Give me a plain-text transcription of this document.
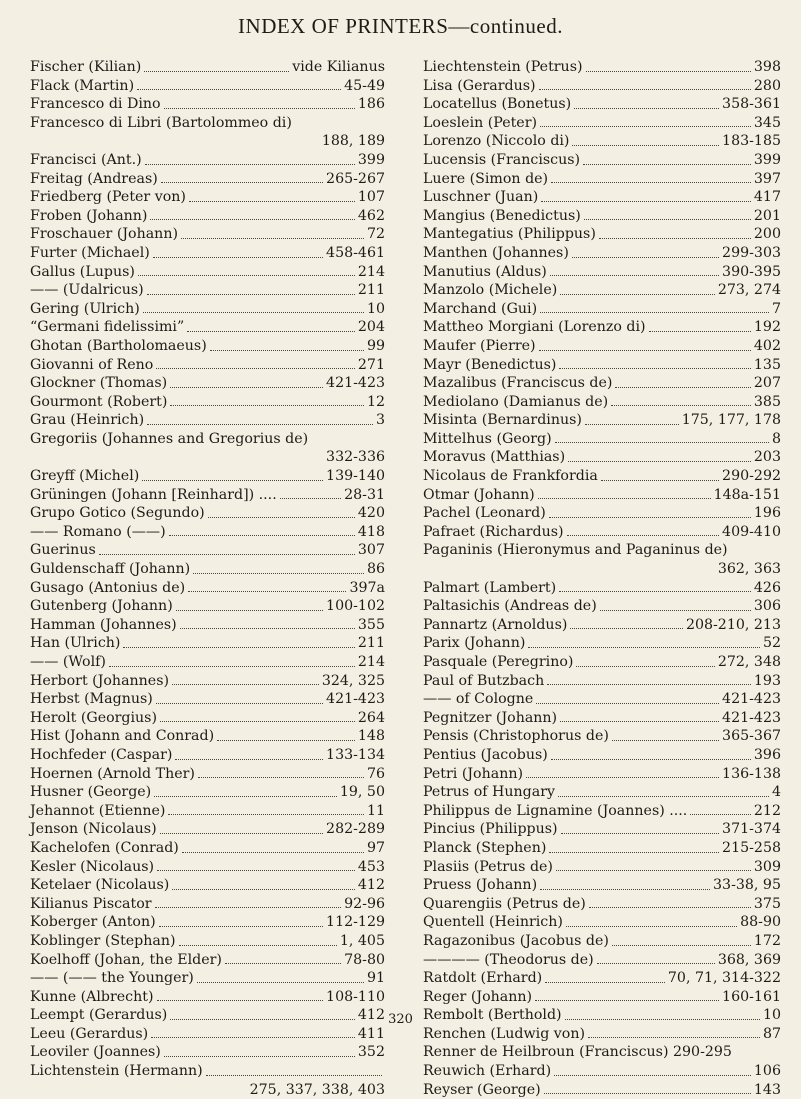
INDEX OF PRINTERS—continued.
Fischer (Kilian)	vide Kilianus
Flack (Martin)	45-49
Francesco di Dino	186
Francesco di Libri (Bartolommeo di)
188, 189
Francisci (Ant.)	399
Freitag (Andreas)	265-267
Friedberg (Peter von)	107
Froben (Johann)	462
Froschauer (Johann)	72
Furter (Michael)	458-461
Gallus (Lupus)	214
—— (Udalricus)	211
Gering (Ulrich)	10
“Germani fidelissimi”	204
Ghotan (Bartholomaeus)	99
Giovanni of Reno	271
Glockner (Thomas)	421-423
Gourmont (Robert)	12
Grau (Heinrich)	3
Gregoriis (Johannes and Gregorius de)
332-336
Greyff (Michel)	139-140
Grüningen (Johann [Reinhard]) ....	28-31
Grupo Gotico (Segundo)	420
—— Romano (——)	418
Guerinus	307
Guldenschaff (Johann)	86
Gusago (Antonius de)	397a
Gutenberg (Johann)	100-102
Hamman (Johannes)	355
Han (Ulrich)	211
—— (Wolf)	214
Herbort (Johannes)	324, 325
Herbst (Magnus)	421-423
Herolt (Georgius)	264
Hist (Johann and Conrad)	148
Hochfeder (Caspar)	133-134
Hoernen (Arnold Ther)	76
Husner (George)	19, 50
Jehannot (Etienne)	11
Jenson (Nicolaus)	282-289
Kachelofen (Conrad)	97
Kesler (Nicolaus)	453
Ketelaer (Nicolaus)	412
Kilianus Piscator	92-96
Koberger (Anton)	112-129
Koblinger (Stephan)	1, 405
Koelhoff (Johan, the Elder)	78-80
—— (—— the Younger)	91
Kunne (Albrecht)	108-110
Leempt (Gerardus)	412
Leeu (Gerardus)	411
Leoviler (Joannes)	352
Lichtenstein (Hermann)
275, 337, 338, 403
Liechtenstein (Petrus)	398
Lisa (Gerardus)	280
Locatellus (Bonetus)	358-361
Loeslein (Peter)	345
Lorenzo (Niccolo di)	183-185
Lucensis (Franciscus)	399
Luere (Simon de)	397
Luschner (Juan)	417
Mangius (Benedictus)	201
Mantegatius (Philippus)	200
Manthen (Johannes)	299-303
Manutius (Aldus)	390-395
Manzolo (Michele)	273, 274
Marchand (Gui)	7
Mattheo Morgiani (Lorenzo di)	192
Maufer (Pierre)	402
Mayr (Benedictus)	135
Mazalibus (Franciscus de)	207
Mediolano (Damianus de)	385
Misinta (Bernardinus)	175, 177, 178
Mittelhus (Georg)	8
Moravus (Matthias)	203
Nicolaus de Frankfordia	290-292
Otmar (Johann)	148a-151
Pachel (Leonard)	196
Pafraet (Richardus)	409-410
Paganinis (Hieronymus and Paganinus de)
362, 363
Palmart (Lambert)	426
Paltasichis (Andreas de)	306
Pannartz (Arnoldus)	208-210, 213
Parix (Johann)	52
Pasquale (Peregrino)	272, 348
Paul of Butzbach	193
—— of Cologne	421-423
Pegnitzer (Johann)	421-423
Pensis (Christophorus de)	365-367
Pentius (Jacobus)	396
Petri (Johann)	136-138
Petrus of Hungary	4
Philippus de Lignamine (Joannes) ....	212
Pincius (Philippus)	371-374
Planck (Stephen)	215-258
Plasiis (Petrus de)	309
Pruess (Johann)	33-38, 95
Quarengiis (Petrus de)	375
Quentell (Heinrich)	88-90
Ragazonibus (Jacobus de)	172
———— (Theodorus de)	368, 369
Ratdolt (Erhard)	70, 71, 314-322
Reger (Johann)	160-161
Rembolt (Berthold)	10
Renchen (Ludwig von)	87
Renner de Heilbroun (Franciscus) 290-295
Reuwich (Erhard)	106
Reyser (George)	143
320
